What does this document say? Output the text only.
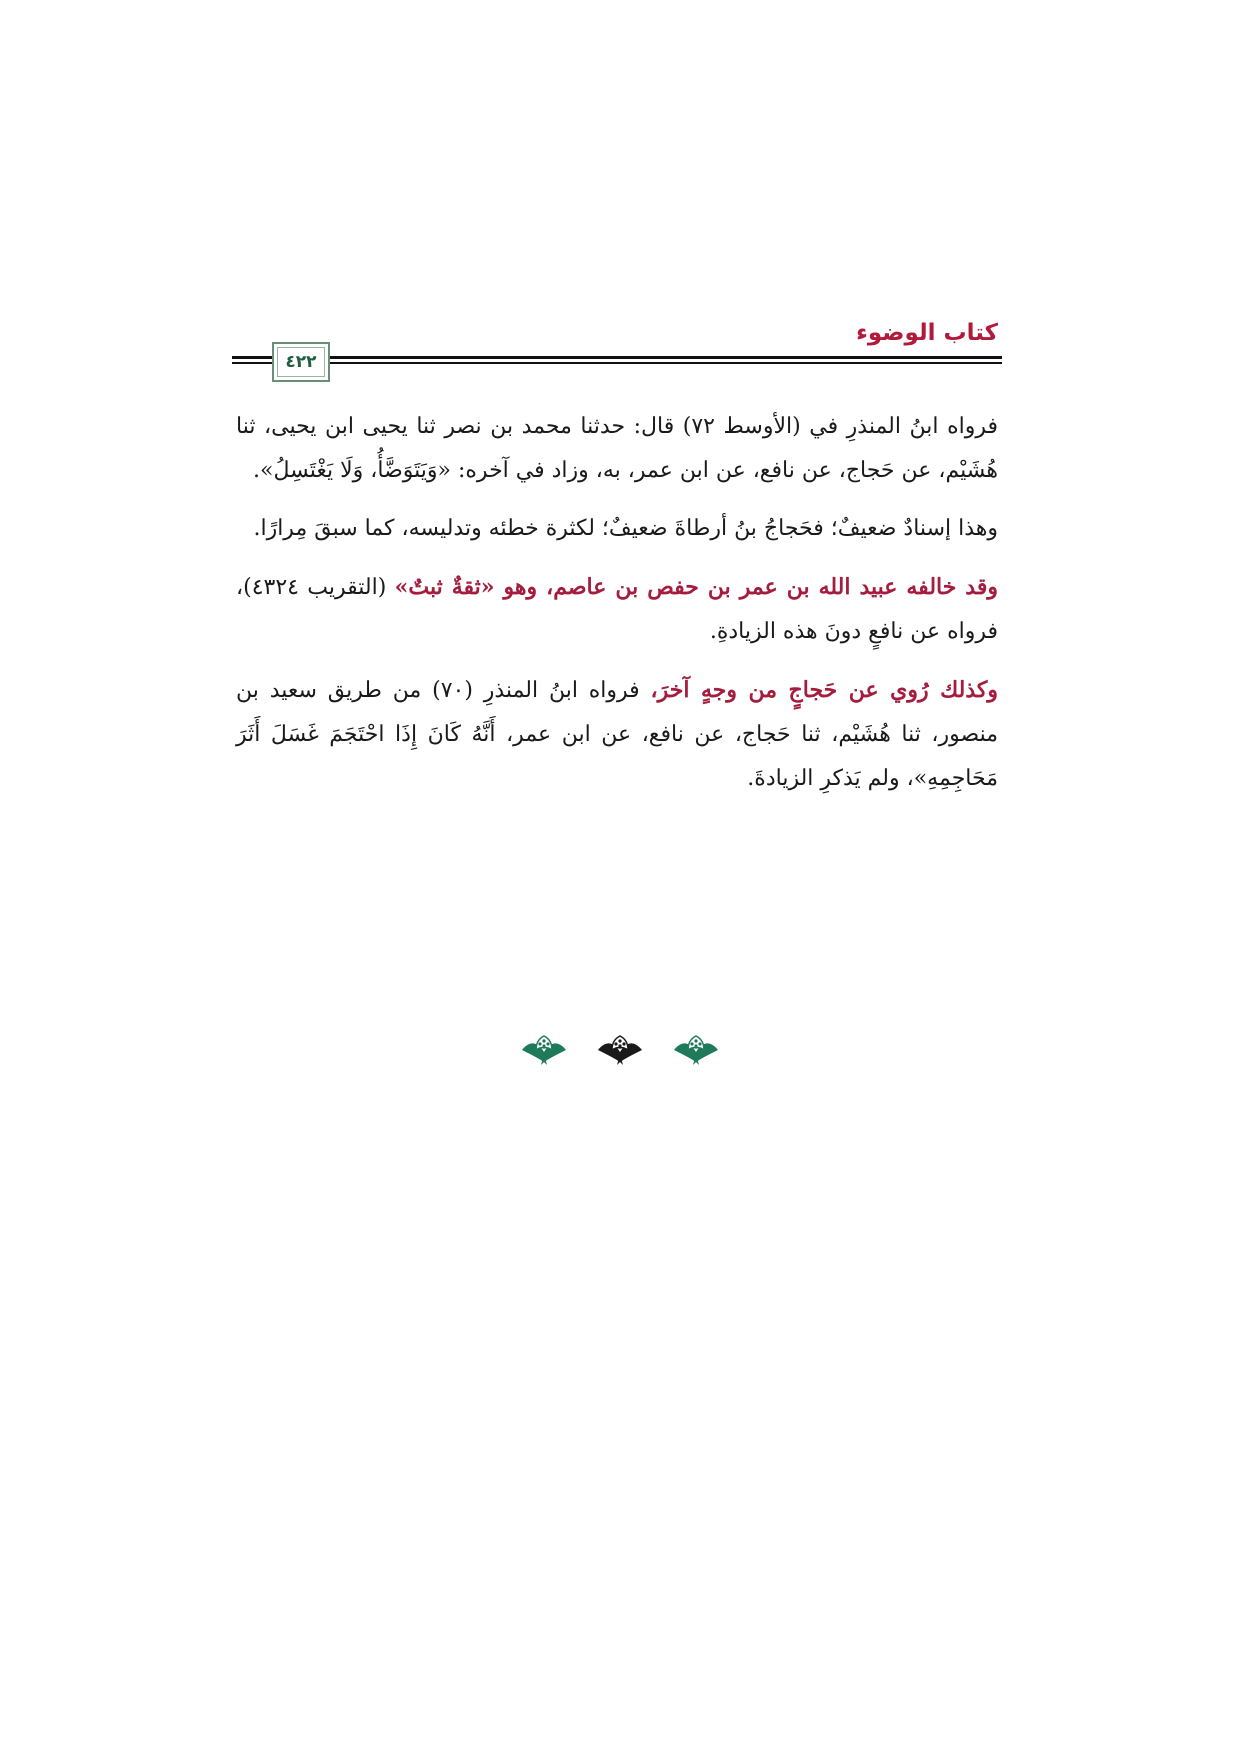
كتاب الوضوء
٤٢٢

فرواه ابنُ المنذرِ في (الأوسط ٧٢) قال: حدثنا محمد بن نصر ثنا يحيى ابن يحيى، ثنا هُشَيْم، عن حَجاج، عن نافع، عن ابن عمر، به، وزاد في آخره: «وَيَتَوَضَّأُ، وَلَا يَغْتَسِلُ».

وهذا إسنادٌ ضعيفٌ؛ فحَجاجُ بنُ أرطاةَ ضعيفٌ؛ لكثرة خطئه وتدليسه، كما سبقَ مِرارًا.

وقد خالفه عبيد الله بن عمر بن حفص بن عاصم، وهو «ثقةٌ ثبتٌ» (التقريب ٤٣٢٤)، فرواه عن نافعٍ دونَ هذه الزيادةِ.

وكذلك رُوي عن حَجاجٍ من وجهٍ آخرَ، فرواه ابنُ المنذرِ (٧٠) من طريق سعيد بن منصور، ثنا هُشَيْم، ثنا حَجاج، عن نافع، عن ابن عمر، أَنَّهُ كَانَ إِذَا احْتَجَمَ غَسَلَ أَثَرَ مَحَاجِمِهِ»، ولم يَذكرِ الزيادةَ.
